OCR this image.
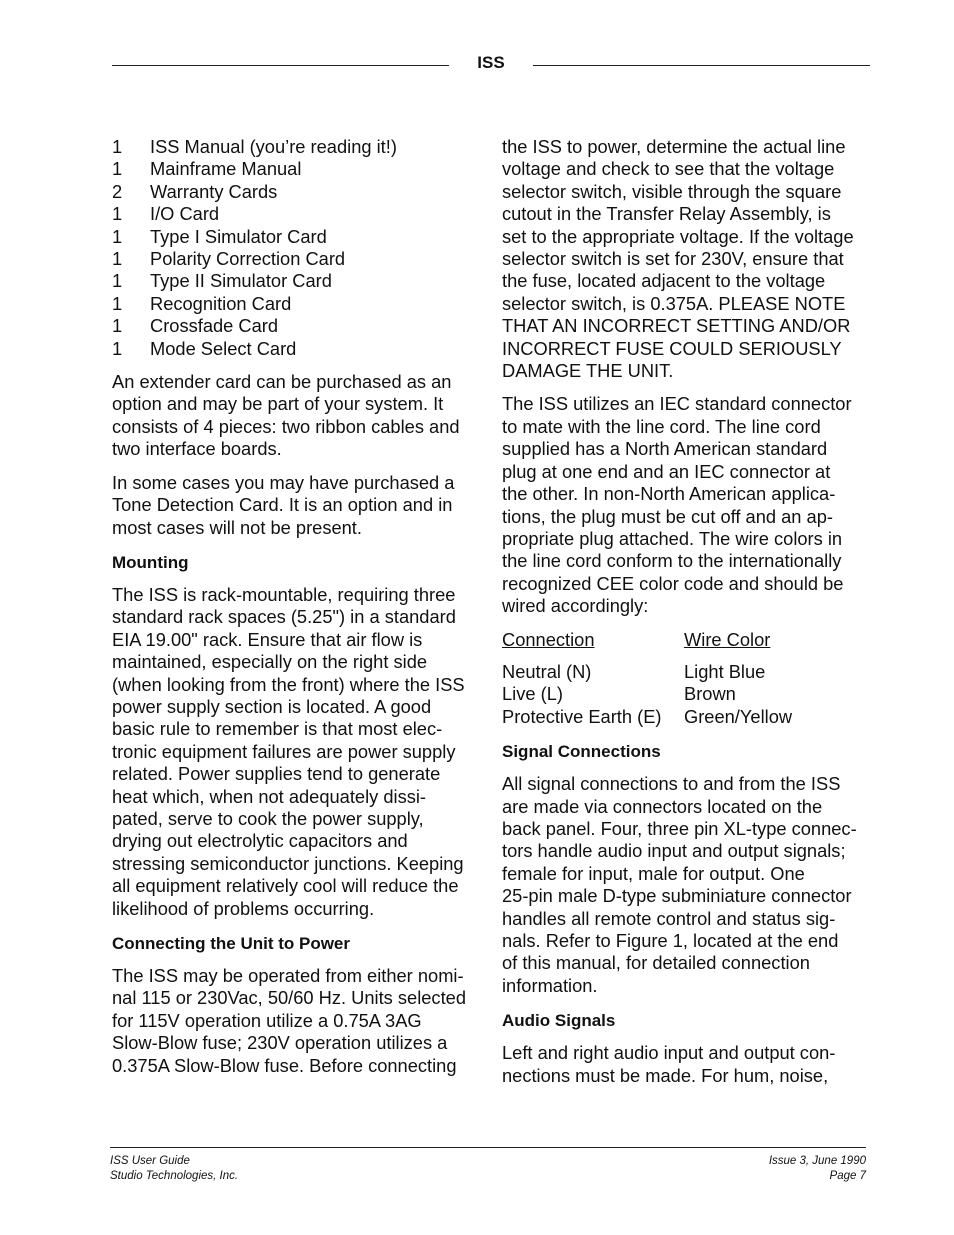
ISS
1	ISS Manual (you’re reading it!)
1	Mainframe Manual
2	Warranty Cards
1	I/O Card
1	Type I Simulator Card
1	Polarity Correction Card
1	Type II Simulator Card
1	Recognition Card
1	Crossfade Card
1	Mode Select Card

An extender card can be purchased as an
option and may be part of your system. It
consists of 4 pieces: two ribbon cables and
two interface boards.

In some cases you may have purchased a
Tone Detection Card. It is an option and in
most cases will not be present.

Mounting

The ISS is rack-mountable, requiring three
standard rack spaces (5.25") in a standard
EIA 19.00" rack. Ensure that air flow is
maintained, especially on the right side
(when looking from the front) where the ISS
power supply section is located. A good
basic rule to remember is that most elec-
tronic equipment failures are power supply
related. Power supplies tend to generate
heat which, when not adequately dissi-
pated, serve to cook the power supply,
drying out electrolytic capacitors and
stressing semiconductor junctions. Keeping
all equipment relatively cool will reduce the
likelihood of problems occurring.

Connecting the Unit to Power

The ISS may be operated from either nomi-
nal 115 or 230Vac, 50/60 Hz. Units selected
for 115V operation utilize a 0.75A 3AG
Slow-Blow fuse; 230V operation utilizes a
0.375A Slow-Blow fuse. Before connecting

the ISS to power, determine the actual line
voltage and check to see that the voltage
selector switch, visible through the square
cutout in the Transfer Relay Assembly, is
set to the appropriate voltage. If the voltage
selector switch is set for 230V, ensure that
the fuse, located adjacent to the voltage
selector switch, is 0.375A. PLEASE NOTE
THAT AN INCORRECT SETTING AND/OR
INCORRECT FUSE COULD SERIOUSLY
DAMAGE THE UNIT.

The ISS utilizes an IEC standard connector
to mate with the line cord. The line cord
supplied has a North American standard
plug at one end and an IEC connector at
the other. In non-North American applica-
tions, the plug must be cut off and an ap-
propriate plug attached. The wire colors in
the line cord conform to the internationally
recognized CEE color code and should be
wired accordingly:

Connection	Wire Color
Neutral (N)	Light Blue
Live (L)	Brown
Protective Earth (E)	Green/Yellow
Signal Connections

All signal connections to and from the ISS
are made via connectors located on the
back panel. Four, three pin XL-type connec-
tors handle audio input and output signals;
female for input, male for output. One
25-pin male D-type subminiature connector
handles all remote control and status sig-
nals. Refer to Figure 1, located at the end
of this manual, for detailed connection
information.

Audio Signals

Left and right audio input and output con-
nections must be made. For hum, noise,

ISS User Guide
Studio Technologies, Inc.
Issue 3, June 1990
Page 7
